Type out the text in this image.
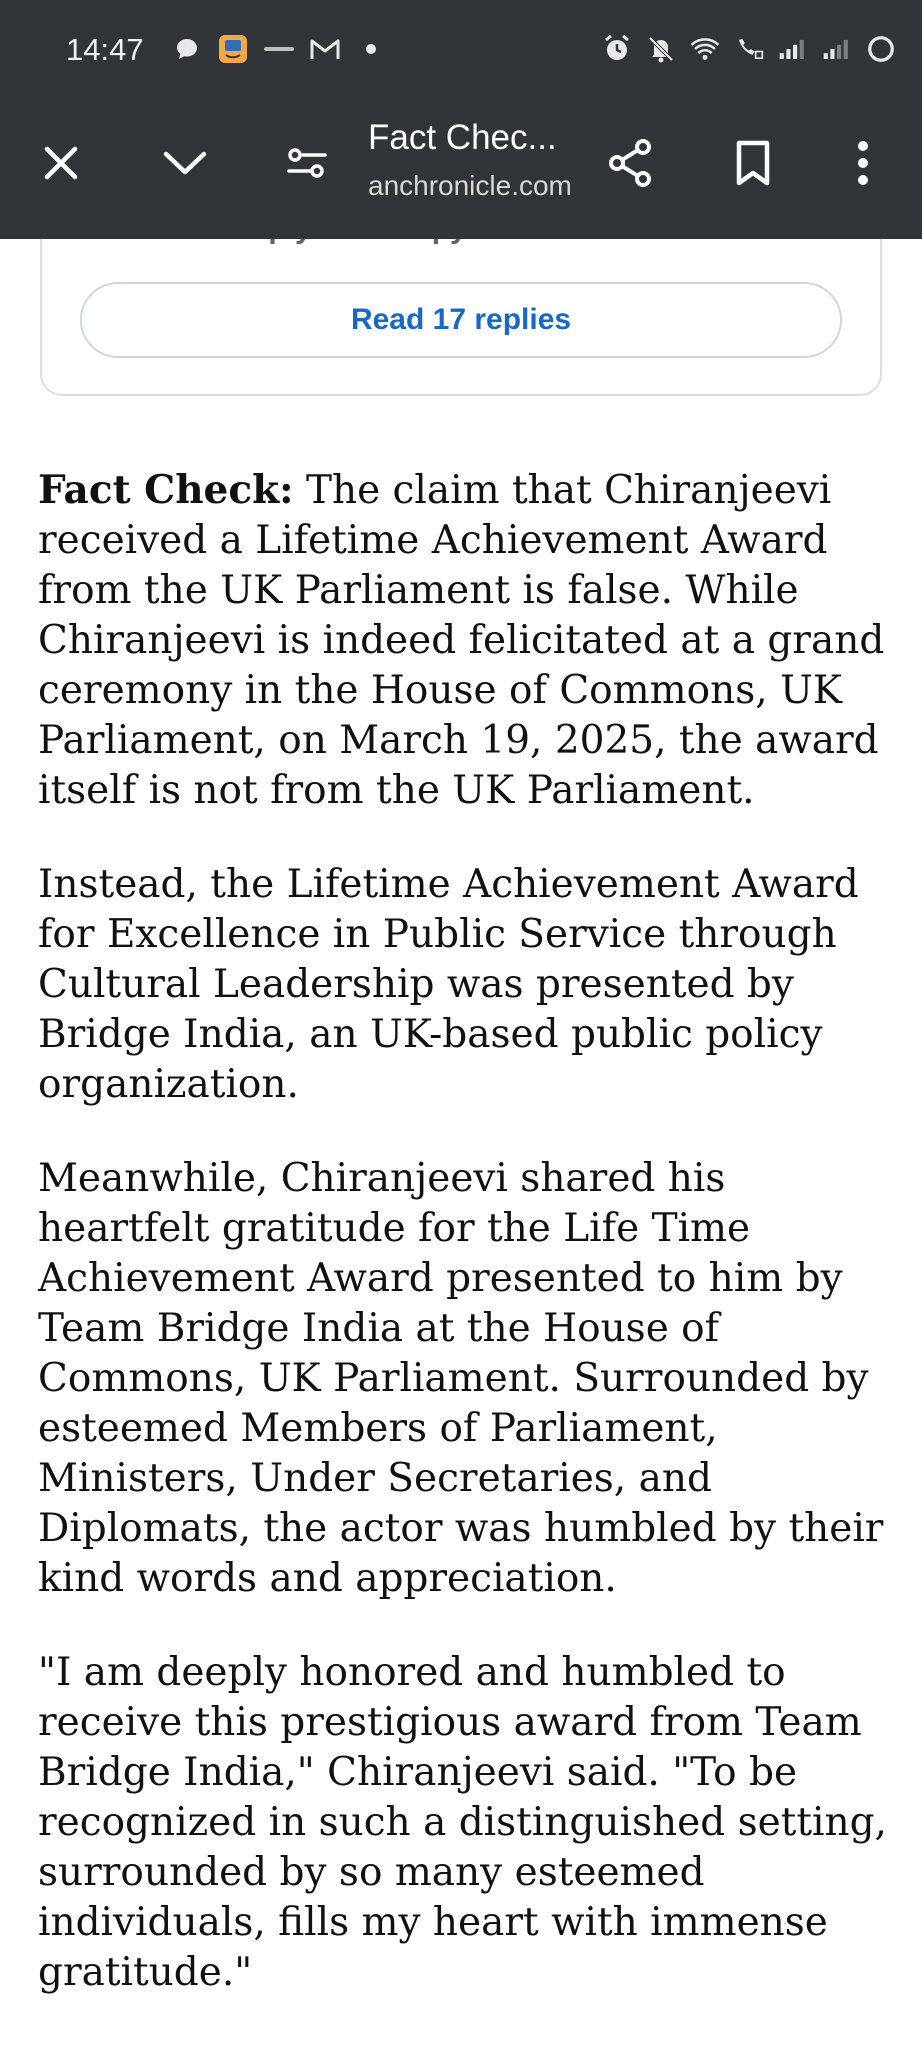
Read 17 replies
14:47
Fact Chec...
anchronicle.com

Fact Check: The claim that Chiranjeevi received a Lifetime Achievement Award from the UK Parliament is false. While Chiranjeevi is indeed felicitated at a grand ceremony in the House of Commons, UK Parliament, on March 19, 2025, the award itself is not from the UK Parliament.

Instead, the Lifetime Achievement Award for Excellence in Public Service through Cultural Leadership was presented by Bridge India, an UK-based public policy organization.

Meanwhile, Chiranjeevi shared his heartfelt gratitude for the Life Time Achievement Award presented to him by Team Bridge India at the House of Commons, UK Parliament. Surrounded by esteemed Members of Parliament, Ministers, Under Secretaries, and Diplomats, the actor was humbled by their kind words and appreciation.

"I am deeply honored and humbled to receive this prestigious award from Team Bridge India," Chiranjeevi said. "To be recognized in such a distinguished setting, surrounded by so many esteemed individuals, fills my heart with immense gratitude."
